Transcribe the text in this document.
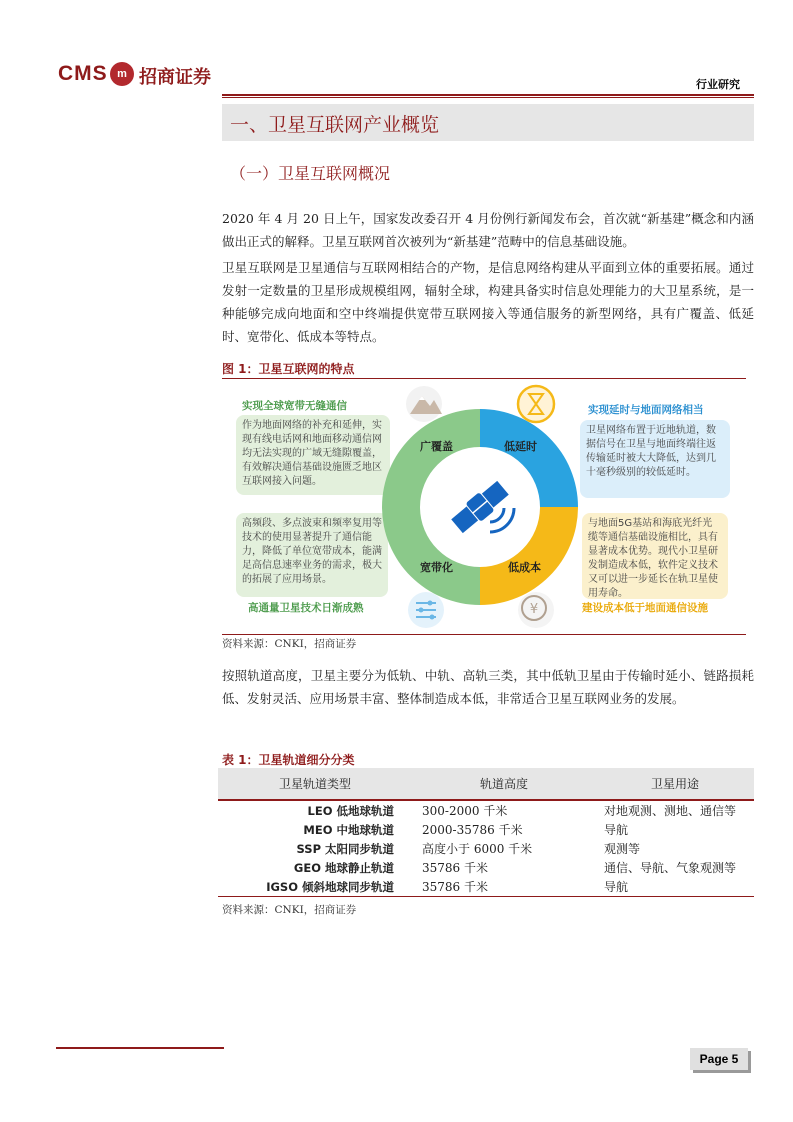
CMS m 招商证券	行业研究
一、卫星互联网产业概览
（一）卫星互联网概况

2020 年 4 月 20 日上午，国家发改委召开 4 月份例行新闻发布会，首次就“新基建”概念和内涵做出正式的解释。卫星互联网首次被列为“新基建”范畴中的信息基础设施。

卫星互联网是卫星通信与互联网相结合的产物，是信息网络构建从平面到立体的重要拓展。通过发射一定数量的卫星形成规模组网，辐射全球，构建具备实时信息处理能力的大卫星系统，是一种能够完成向地面和空中终端提供宽带互联网接入等通信服务的新型网络，具有广覆盖、低延时、宽带化、低成本等特点。

图 1：卫星互联网的特点
实现全球宽带无缝通信
作为地面网络的补充和延伸，实现有线电话网和地面移动通信网均无法实现的广域无缝隙覆盖，有效解决通信基础设施匮乏地区互联网接入问题。
实现延时与地面网络相当
卫星网络布置于近地轨道，数据信号在卫星与地面终端往返传输延时被大大降低，达到几十毫秒级别的较低延时。
高频段、多点波束和频率复用等技术的使用显著提升了通信能力，降低了单位宽带成本，能满足高信息速率业务的需求，极大的拓展了应用场景。
高通量卫星技术日渐成熟
与地面5G基站和海底光纤光缆等通信基础设施相比，具有显著成本优势。现代小卫星研发制造成本低，软件定义技术又可以进一步延长在轨卫星使用寿命。
建设成本低于地面通信设施
¥
广覆盖	低延时
宽带化	低成本
资料来源：CNKI，招商证券

按照轨道高度，卫星主要分为低轨、中轨、高轨三类，其中低轨卫星由于传输时延小、链路损耗低、发射灵活、应用场景丰富、整体制造成本低，非常适合卫星互联网业务的发展。

表 1：卫星轨道细分分类
卫星轨道类型	轨道高度	卫星用途
LEO 低地球轨道	300-2000 千米	对地观测、测地、通信等
MEO 中地球轨道	2000-35786 千米	导航
SSP 太阳同步轨道	高度小于 6000 千米	观测等
GEO 地球静止轨道	35786 千米	通信、导航、气象观测等
IGSO 倾斜地球同步轨道	35786 千米	导航
资料来源：CNKI，招商证券
Page 5
